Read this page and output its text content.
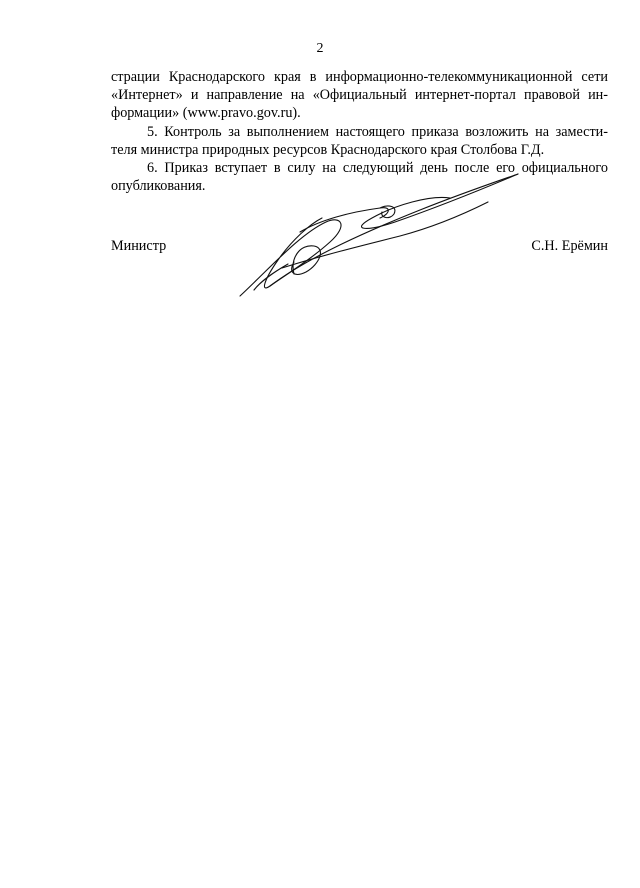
2
страции Краснодарского края в информационно-телекоммуникационной сети
«Интернет» и направление на «Официальный интернет-портал правовой ин-
формации» (www.pravo.gov.ru).
5. Контроль за выполнением настоящего приказа возложить на замести-
теля министра природных ресурсов Краснодарского края Столбова Г.Д.
6. Приказ вступает в силу на следующий день после его официального
опубликования.
Министр	С.Н. Ерёмин
